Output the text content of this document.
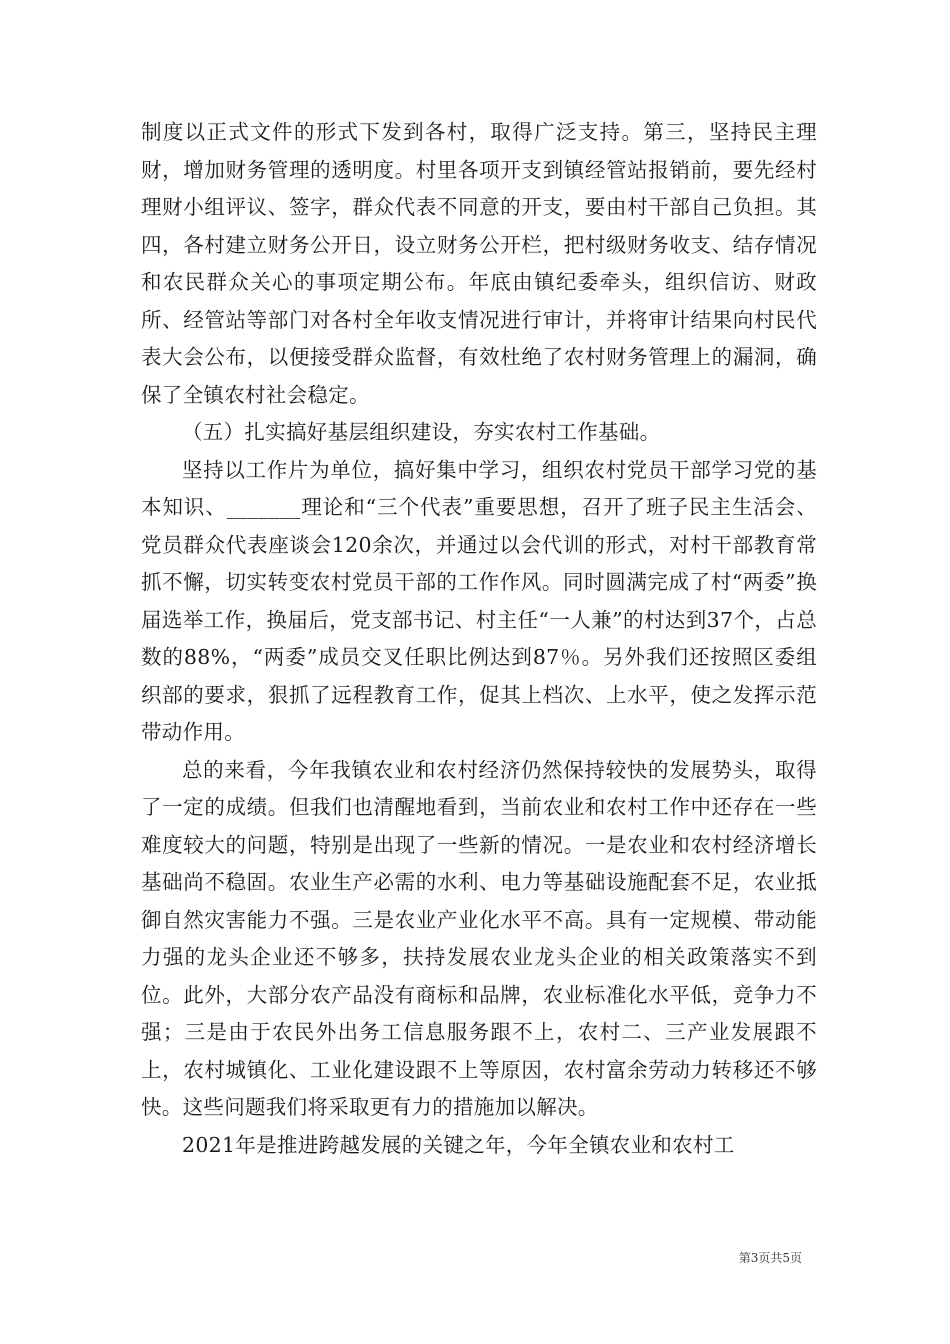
制度以正式文件的形式下发到各村，取得广泛支持。第三，坚持民主理财，增加财务管理的透明度。村里各项开支到镇经管站报销前，要先经村理财小组评议、签字，群众代表不同意的开支，要由村干部自己负担。其四，各村建立财务公开日，设立财务公开栏，把村级财务收支、结存情况和农民群众关心的事项定期公布。年底由镇纪委牵头，组织信访、财政所、经管站等部门对各村全年收支情况进行审计，并将审计结果向村民代表大会公布，以便接受群众监督，有效杜绝了农村财务管理上的漏洞，确保了全镇农村社会稳定。

（五）扎实搞好基层组织建设，夯实农村工作基础。

坚持以工作片为单位，搞好集中学习，组织农村党员干部学习党的基本知识、_______理论和“三个代表”重要思想，召开了班子民主生活会、党员群众代表座谈会120余次，并通过以会代训的形式，对村干部教育常抓不懈，切实转变农村党员干部的工作作风。同时圆满完成了村“两委”换届选举工作，换届后，党支部书记、村主任“一人兼”的村达到37个，占总数的88%，“两委”成员交叉任职比例达到87％。另外我们还按照区委组织部的要求，狠抓了远程教育工作，促其上档次、上水平，使之发挥示范带动作用。

总的来看，今年我镇农业和农村经济仍然保持较快的发展势头，取得了一定的成绩。但我们也清醒地看到，当前农业和农村工作中还存在一些难度较大的问题，特别是出现了一些新的情况。一是农业和农村经济增长基础尚不稳固。农业生产必需的水利、电力等基础设施配套不足，农业抵御自然灾害能力不强。三是农业产业化水平不高。具有一定规模、带动能力强的龙头企业还不够多，扶持发展农业龙头企业的相关政策落实不到位。此外，大部分农产品没有商标和品牌，农业标准化水平低，竞争力不强；三是由于农民外出务工信息服务跟不上，农村二、三产业发展跟不上，农村城镇化、工业化建设跟不上等原因，农村富余劳动力转移还不够快。这些问题我们将采取更有力的措施加以解决。

2021年是推进跨越发展的关键之年，今年全镇农业和农村工

第3页共5页
